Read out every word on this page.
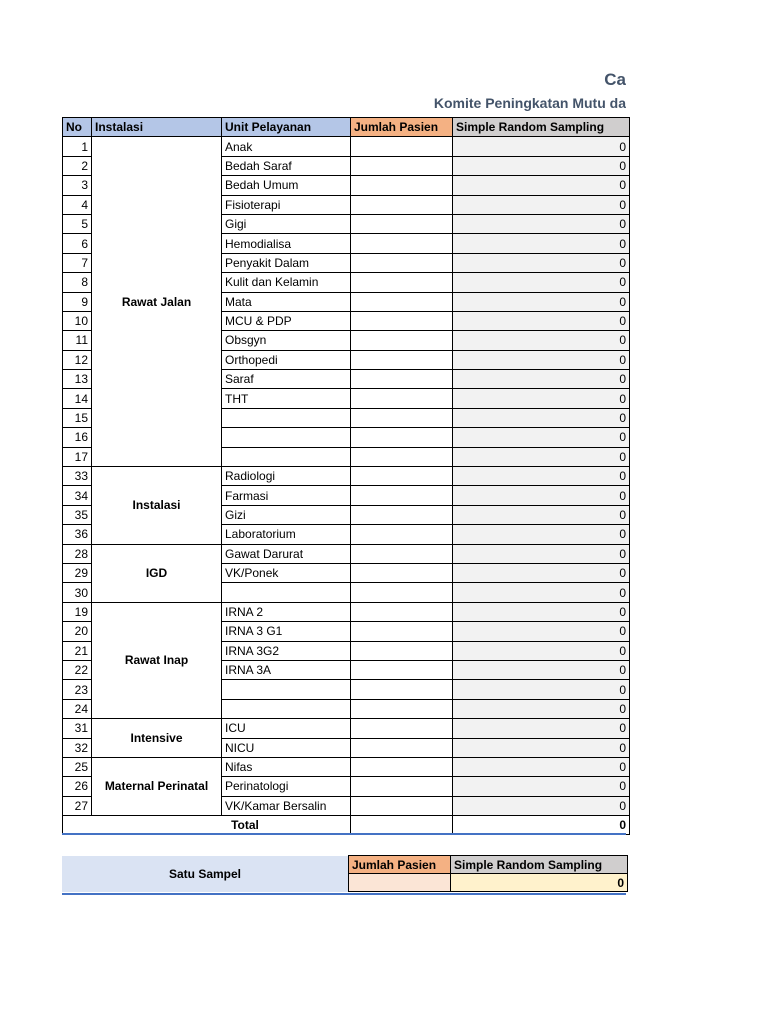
Ca
Komite Peningkatan Mutu da
No	Instalasi	Unit Pelayanan	Jumlah Pasien	Simple Random Sampling
1	Rawat Jalan	Anak		0
2		Bedah Saraf		0
3		Bedah Umum		0
4		Fisioterapi		0
5		Gigi		0
6		Hemodialisa		0
7		Penyakit Dalam		0
8		Kulit dan Kelamin		0
9		Mata		0
10		MCU & PDP		0
11		Obsgyn		0
12		Orthopedi		0
13		Saraf		0
14		THT		0
15				0
16				0
17				0
33	Instalasi	Radiologi		0
34		Farmasi		0
35		Gizi		0
36		Laboratorium		0
28	IGD	Gawat Darurat		0
29		VK/Ponek		0
30				0
19	Rawat Inap	IRNA 2		0
20		IRNA 3 G1		0
21		IRNA 3G2		0
22		IRNA 3A		0
23				0
24				0
31	Intensive	ICU		0
32		NICU		0
25	Maternal Perinatal	Nifas		0
26		Perinatologi		0
27		VK/Kamar Bersalin		0
Total				0
Satu Sampel	Jumlah Pasien	Simple Random Sampling
		0
